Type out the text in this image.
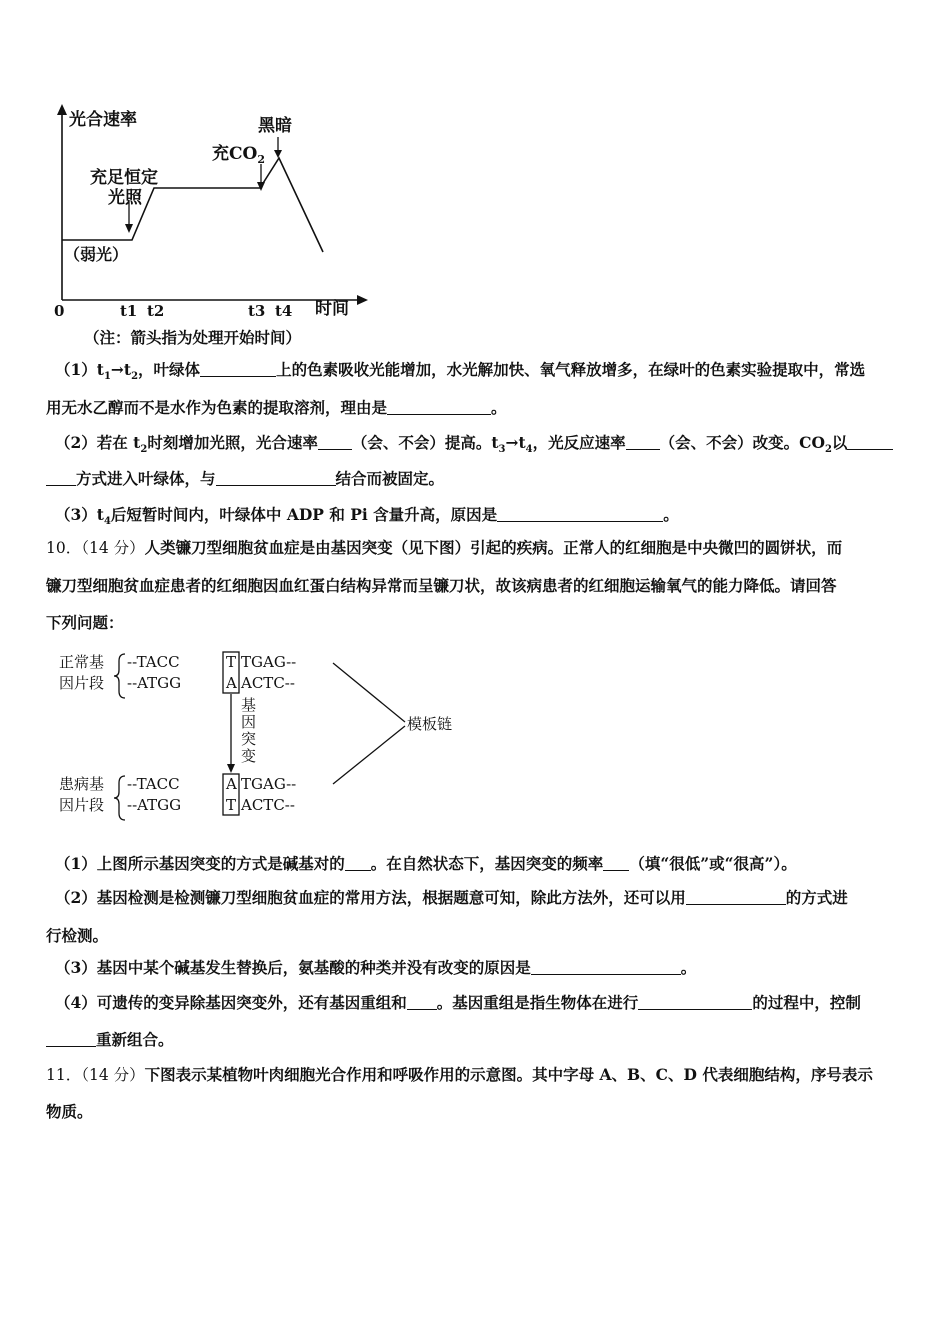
光合速率
时间
0	t1 t2	t3 t4
（弱光）
充足恒定
光照
充$CO_2$
黑暗
（注：箭头指为处理开始时间）
$(1)t_1\to t_2$，叶绿体	上的色素吸收光能增加，水光解加快、氧气释放增多，在绿叶的色素实验提取中，常选
用无水乙醇而不是水作为色素的提取溶剂，理由是	。
（2）若在 $t_2$时刻增加光照，光合速率 （会、不会）提高。$t_3\to t_4$，光反应速率 （会、不会）改变。$CO_2$以
方式进入叶绿体，与	结合而被固定。
$(3)t_4$后短暂时间内，叶绿体中 ADP 和 Pi 含量升高，原因是	。
10．（14 分）人类镰刀型细胞贫血症是由基因突变（见下图）引起的疾病。正常人的红细胞是中央微凹的圆饼状，而
镰刀型细胞贫血症患者的红细胞因血红蛋白结构异常而呈镰刀状，故该病患者的红细胞运输氧气的能力降低。请回答
下列问题：
正常基
因片段
患病基
因片段
--TACC	T TGAG--
--ATGG	A ACTC--
--TACC	A TGAG--
--ATGG	T ACTC--
基
因
突
变
模板链
（1）上图所示基因突变的方式是碱基对的 。在自然状态下，基因突变的频率 （填“很低”或“很高”）。
（2）基因检测是检测镰刀型细胞贫血症的常用方法，根据题意可知，除此方法外，还可以用	的方式进
行检测。
（3）基因中某个碱基发生替换后，氨基酸的种类并没有改变的原因是	。
（4）可遗传的变异除基因突变外，还有基因重组和 。基因重组是指生物体在进行	的过程中，控制
重新组合。
11．（14 分）下图表示某植物叶肉细胞光合作用和呼吸作用的示意图。其中字母 A、B、C、D 代表细胞结构，序号表示
物质。
